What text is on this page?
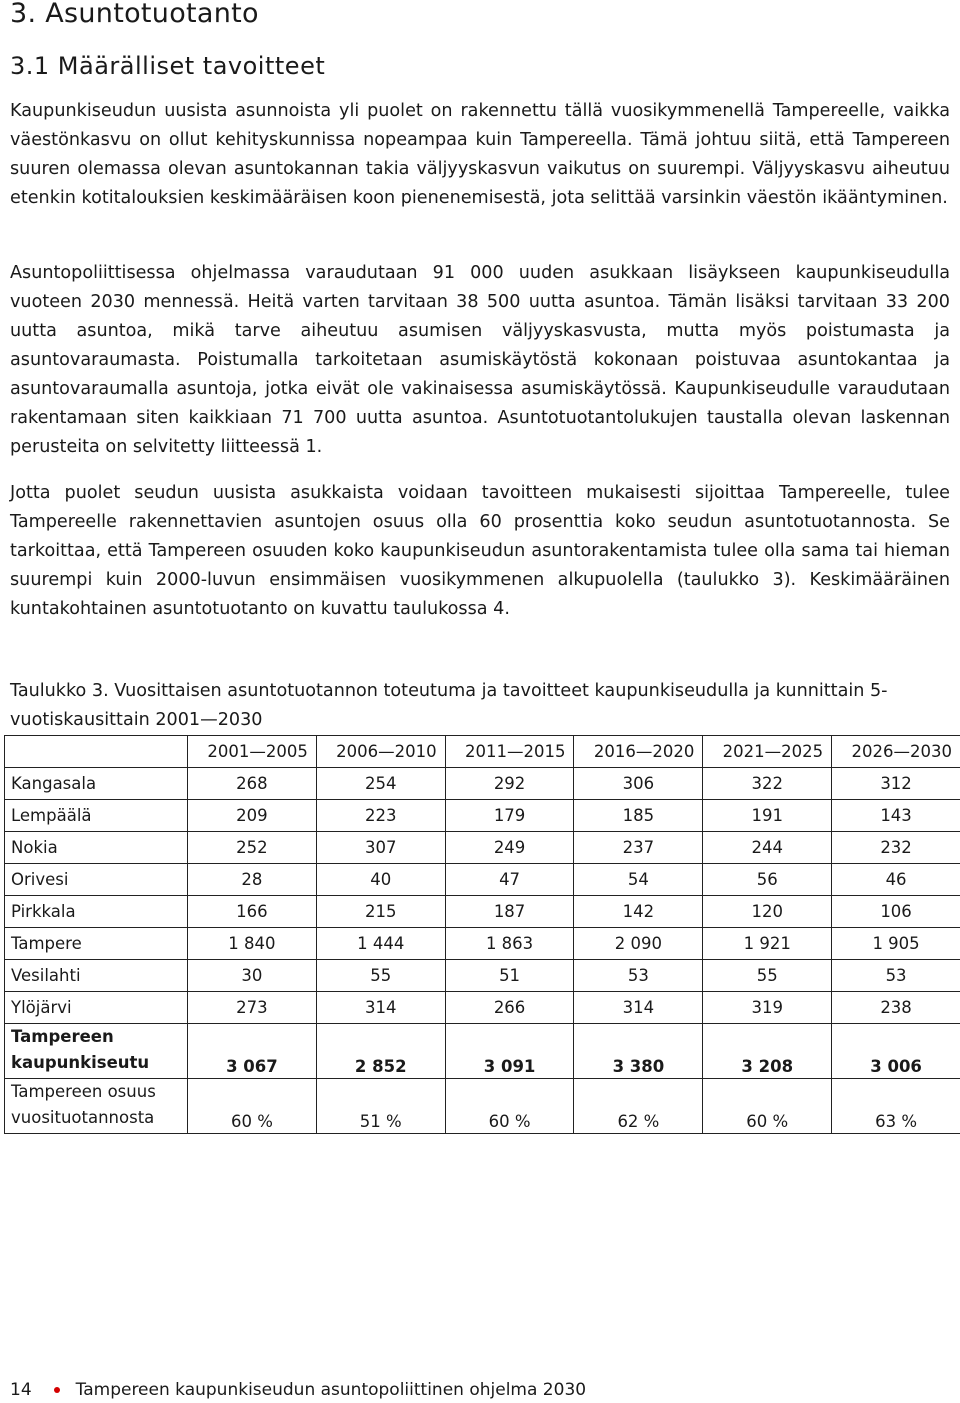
3. Asuntotuotanto
3.1 Määrälliset tavoitteet

Kaupunkiseudun uusista asunnoista yli puolet on rakennettu tällä vuosikymmenellä Tampereelle, vaikka väestönkasvu on ollut kehityskunnissa nopeampaa kuin Tampereella. Tämä johtuu siitä, että Tampereen suuren olemassa olevan asuntokannan takia väljyyskasvun vaikutus on suurempi. Väljyyskasvu aiheutuu etenkin kotitalouksien keskimääräisen koon pienenemisestä, jota selittää varsinkin väestön ikääntyminen.

Asuntopoliittisessa ohjelmassa varaudutaan 91 000 uuden asukkaan lisäykseen kaupunkiseudulla vuoteen 2030 mennessä. Heitä varten tarvitaan 38 500 uutta asuntoa. Tämän lisäksi tarvitaan 33 200 uutta asuntoa, mikä tarve aiheutuu asumisen väljyyskasvusta, mutta myös poistumasta ja asuntovaraumasta. Poistumalla tarkoitetaan asumiskäytöstä kokonaan poistuvaa asuntokantaa ja asuntovaraumalla asuntoja, jotka eivät ole vakinaisessa asumiskäytössä. Kaupunkiseudulle varaudutaan rakentamaan siten kaikkiaan 71 700 uutta asuntoa. Asuntotuotantolukujen taustalla olevan laskennan perusteita on selvitetty liitteessä 1.

Jotta puolet seudun uusista asukkaista voidaan tavoitteen mukaisesti sijoittaa Tampereelle, tulee Tampereelle rakennettavien asuntojen osuus olla 60 prosenttia koko seudun asuntotuotannosta. Se tarkoittaa, että Tampereen osuuden koko kaupunkiseudun asuntorakentamista tulee olla sama tai hieman suurempi kuin 2000-luvun ensimmäisen vuosikymmenen alkupuolella (taulukko 3). Keskimääräinen kuntakohtainen asuntotuotanto on kuvattu taulukossa 4.

Taulukko 3. Vuosittaisen asuntotuotannon toteutuma ja tavoitteet kaupunkiseudulla ja kunnittain 5-vuotiskausittain 2001—2030

	2001—2005	2006—2010	2011—2015	2016—2020	2021—2025	2026—2030
Kangasala	268	254	292	306	322	312
Lempäälä	209	223	179	185	191	143
Nokia	252	307	249	237	244	232
Orivesi	28	40	47	54	56	46
Pirkkala	166	215	187	142	120	106
Tampere	1 840	1 444	1 863	2 090	1 921	1 905
Vesilahti	30	55	51	53	55	53
Ylöjärvi	273	314	266	314	319	238
Tampereen
kaupunkiseutu	3 067	2 852	3 091	3 380	3 208	3 006
Tampereen osuus
vuosituotannosta	60 %	51 %	60 %	62 %	60 %	63 %
14	Tampereen kaupunkiseudun asuntopoliittinen ohjelma 2030
